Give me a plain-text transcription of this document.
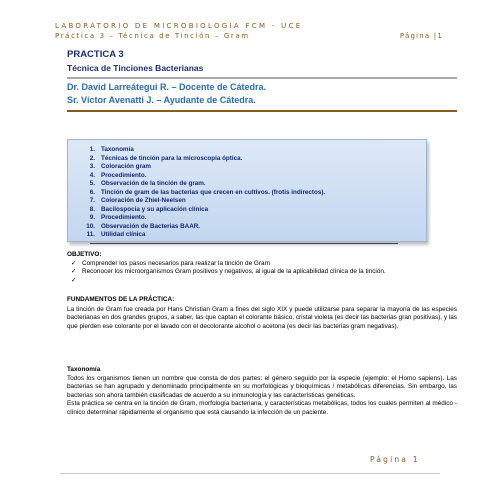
LABORATORIO DE MICROBIOLOGIA FCM - UCE
Práctica 3 – Técnica de Tinción – Gram	Página |1
PRACTICA 3
Técnica de Tinciones Bacterianas
Dr. David Larreátegui R. – Docente de Cátedra.
Sr. Víctor Avenatti J. – Ayudante de Cátedra.
1. Taxonomía
2. Técnicas de tinción para la microscopia óptica.
3. Coloración gram
4. Procedimiento.
5. Observación de la tinción de gram.
6. Tinción de gram de las bacterias que crecen en cultivos. (frotis indirectos).
7. Coloración de Zhiel-Neelsen
8. Bacilospocia y su aplicación clínica
9. Procedimiento.
10. Observación de Bacterias BAAR.
11. Utilidad clínica
OBJETIVO:
✓ Comprender los pasos necesarios para realizar la tinción de Gram
✓ Reconocer los microorganismos Gram positivos y negativos, al igual de la aplicabilidad clínica de la tinción.
✓
FUNDAMENTOS DE LA PRÁCTICA:

La tinción de Gram fue creada por Hans Christian Gram a fines del siglo XIX y puede utilizarse para separar la mayoría de las especies bacterianas en dos grandes grupos, a saber, las que captan el colorante básico, cristal violeta (es decir las bacterias gran positivas), y las que pierden ese colorante por el lavado con el decolorante alcohol o acetona (es decir las bacterias gram negativas).

Taxonomía

Todos los organismos tienen un nombre que consta de dos partes: el género seguido por la especie (ejemplo: el Homo sapiens). Las bacterias se han agrupado y denominado principalmente en su morfológicas y bioquímicas / metabólicas diferencias. Sin embargo, las bacterias son ahora también clasificadas de acuerdo a su inmunología y las características genéticas.

Esta práctica se centra en la tinción de Gram, morfología bacteriana, y características metabólicas, todos los cuales permiten al médico - clínico determinar rápidamente el organismo que está causando la infección de un paciente.

Página 1
